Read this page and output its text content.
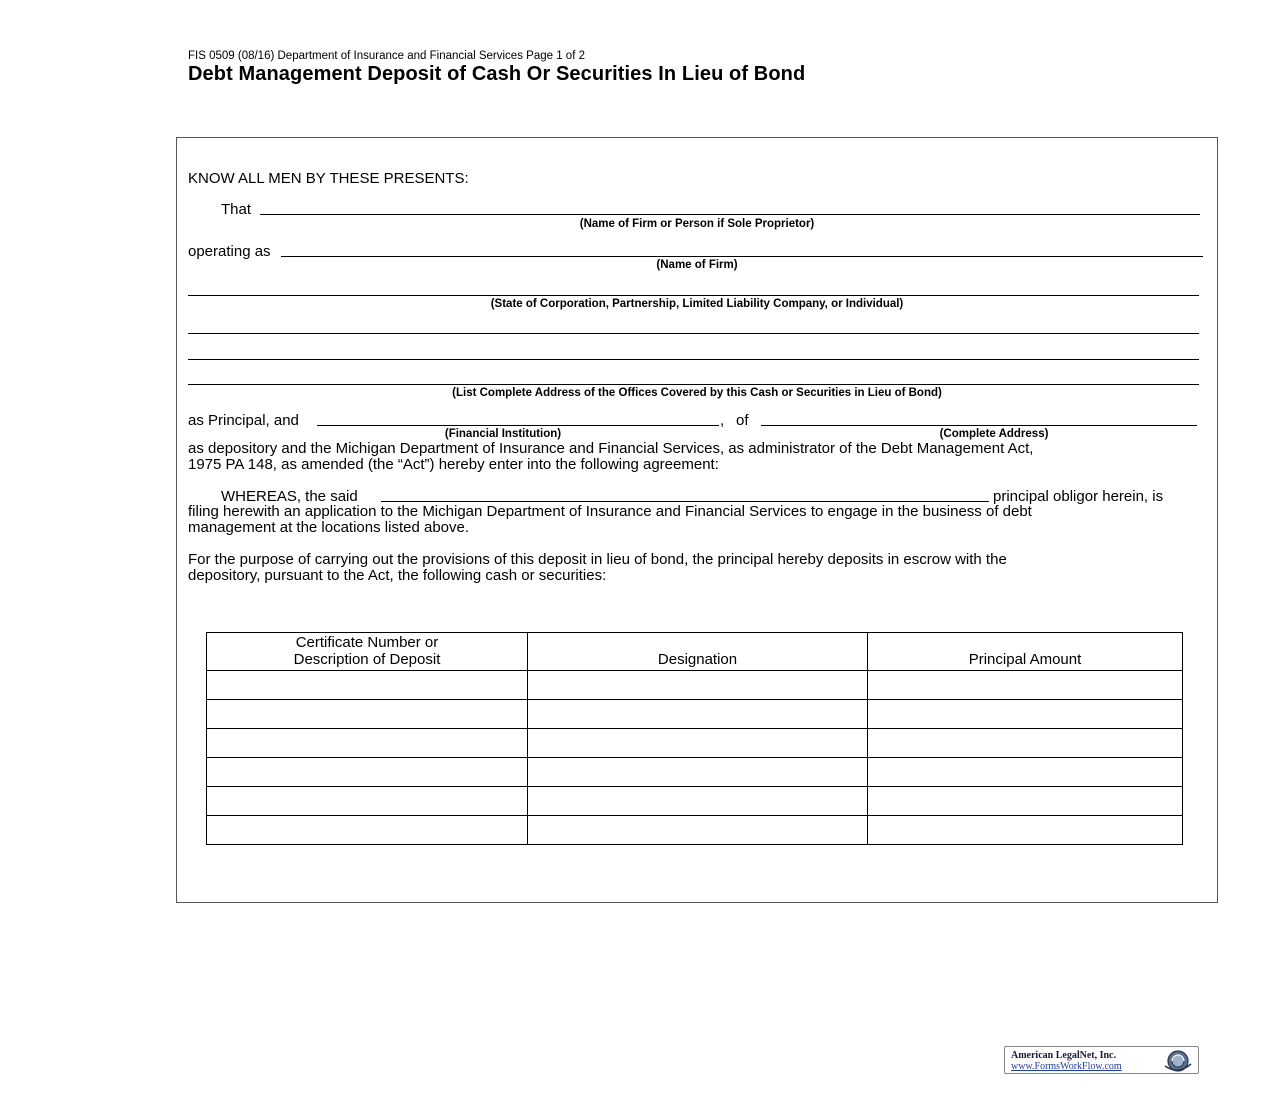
FIS 0509 (08/16) Department of Insurance and Financial Services Page 1 of 2
Debt Management Deposit of Cash Or Securities In Lieu of Bond
KNOW ALL MEN BY THESE PRESENTS:
That
(Name of Firm or Person if Sole Proprietor)
operating as
(Name of Firm)
(State of Corporation, Partnership, Limited Liability Company, or Individual)
(List Complete Address of the Offices Covered by this Cash or Securities in Lieu of Bond)
as Principal, and	, of
(Financial Institution)	(Complete Address)
as depository and the Michigan Department of Insurance and Financial Services, as administrator of the Debt Management Act,
1975 PA 148, as amended (the “Act”) hereby enter into the following agreement:
WHEREAS, the said	principal obligor herein, is
filing herewith an application to the Michigan Department of Insurance and Financial Services to engage in the business of debt
management at the locations listed above.
For the purpose of carrying out the provisions of this deposit in lieu of bond, the principal hereby deposits in escrow with the
depository, pursuant to the Act, the following cash or securities:
Certificate Number or
Description of Deposit	Designation	Principal Amount

American LegalNet, Inc.
www.FormsWorkFlow.com
